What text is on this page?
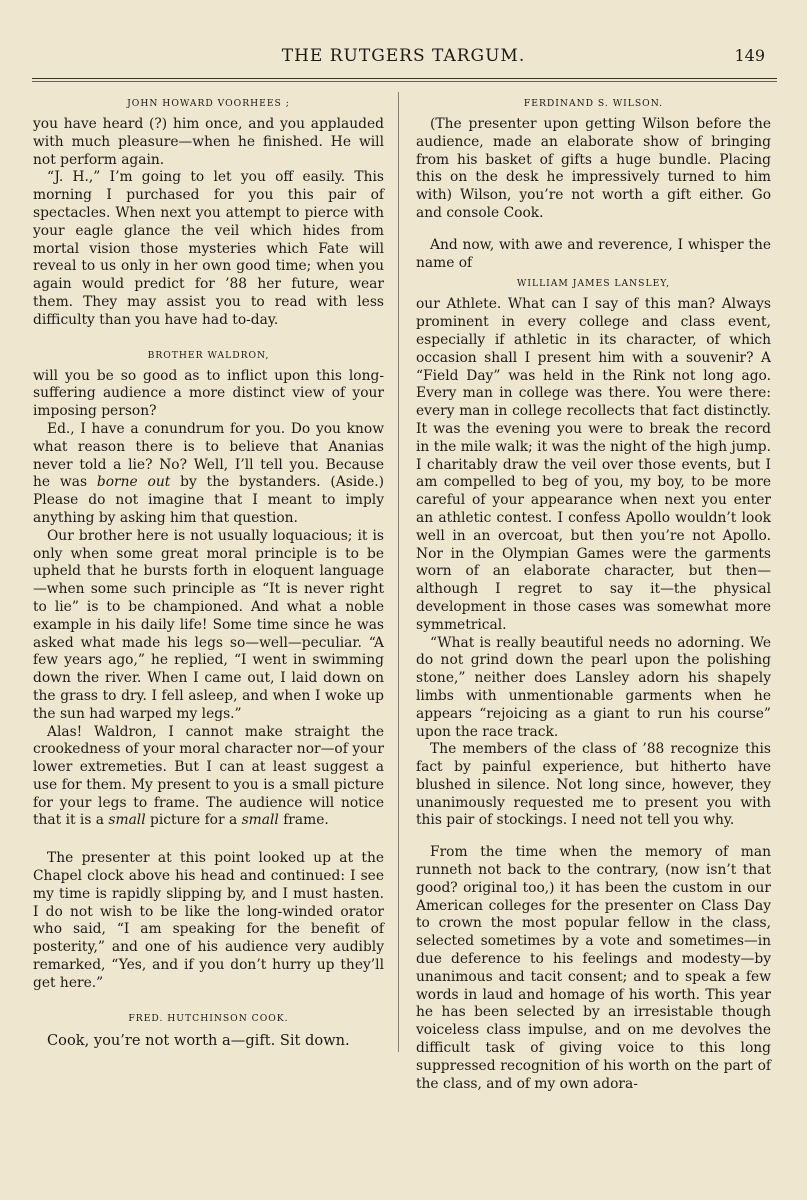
THE RUTGERS TARGUM.	149
JOHN HOWARD VOORHEES ;

you have heard (?) him once, and you applauded with much pleasure—when he finished. He will not perform again.

“J. H.,” I’m going to let you off easily. This morning I purchased for you this pair of spectacles. When next you attempt to pierce with your eagle glance the veil which hides from mortal vision those mysteries which Fate will reveal to us only in her own good time; when you again would predict for ’88 her future, wear them. They may assist you to read with less difficulty than you have had to-day.

BROTHER WALDRON,

will you be so good as to inflict upon this long-suffering audience a more distinct view of your imposing person?

Ed., I have a conundrum for you. Do you know what reason there is to believe that Ananias never told a lie? No? Well, I’ll tell you. Because he was borne out by the bystanders. (Aside.) Please do not imagine that I meant to imply anything by asking him that question.

Our brother here is not usually loquacious; it is only when some great moral principle is to be upheld that he bursts forth in eloquent language—when some such principle as “It is never right to lie” is to be championed. And what a noble example in his daily life! Some time since he was asked what made his legs so—well—peculiar. “A few years ago,” he replied, “I went in swimming down the river. When I came out, I laid down on the grass to dry. I fell asleep, and when I woke up the sun had warped my legs.”

Alas! Waldron, I cannot make straight the crookedness of your moral character nor—of your lower extremeties. But I can at least suggest a use for them. My present to you is a small picture for your legs to frame. The audience will notice that it is a small picture for a small frame.

The presenter at this point looked up at the Chapel clock above his head and continued: I see my time is rapidly slipping by, and I must hasten. I do not wish to be like the long-winded orator who said, “I am speaking for the benefit of posterity,” and one of his audience very audibly remarked, “Yes, and if you don’t hurry up they’ll get here.”

FRED. HUTCHINSON COOK.

Cook, you’re not worth a—gift. Sit down.

FERDINAND S. WILSON.

(The presenter upon getting Wilson before the audience, made an elaborate show of bringing from his basket of gifts a huge bundle. Placing this on the desk he impressively turned to him with) Wilson, you’re not worth a gift either. Go and console Cook.

And now, with awe and reverence, I whisper the name of

WILLIAM JAMES LANSLEY,

our Athlete. What can I say of this man? Always prominent in every college and class event, especially if athletic in its character, of which occasion shall I present him with a souvenir? A “Field Day” was held in the Rink not long ago. Every man in college was there. You were there: every man in college recollects that fact distinctly. It was the evening you were to break the record in the mile walk; it was the night of the high jump. I charitably draw the veil over those events, but I am compelled to beg of you, my boy, to be more careful of your appearance when next you enter an athletic contest. I confess Apollo wouldn’t look well in an overcoat, but then you’re not Apollo. Nor in the Olympian Games were the garments worn of an elaborate character, but then—although I regret to say it—the physical development in those cases was somewhat more symmetrical.

“What is really beautiful needs no adorning. We do not grind down the pearl upon the polishing stone,” neither does Lansley adorn his shapely limbs with unmentionable garments when he appears “rejoicing as a giant to run his course” upon the race track.

The members of the class of ’88 recognize this fact by painful experience, but hitherto have blushed in silence. Not long since, however, they unanimously requested me to present you with this pair of stockings. I need not tell you why.

From the time when the memory of man runneth not back to the contrary, (now isn’t that good? original too,) it has been the custom in our American colleges for the presenter on Class Day to crown the most popular fellow in the class, selected sometimes by a vote and sometimes—in due deference to his feelings and modesty—by unanimous and tacit consent; and to speak a few words in laud and homage of his worth. This year he has been selected by an irresistable though voiceless class impulse, and on me devolves the difficult task of giving voice to this long suppressed recognition of his worth on the part of the class, and of my own adora-
